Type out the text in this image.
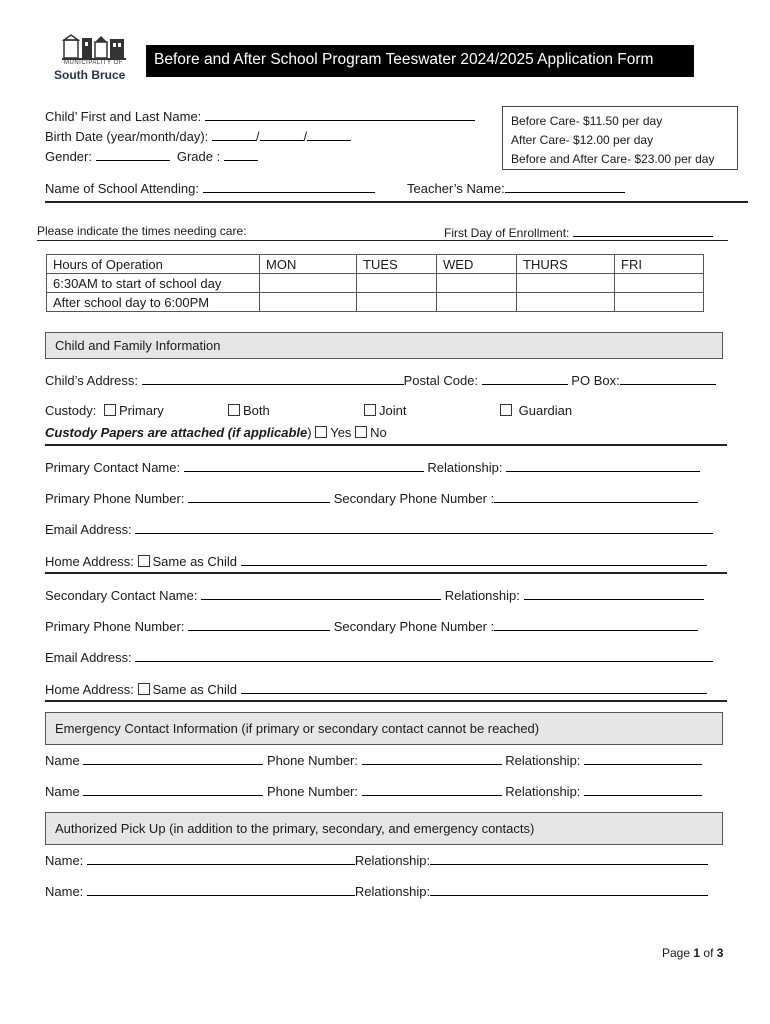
MUNICIPALITY OF
South Bruce
Before and After School Program Teeswater 2024/2025 Application Form
Child’ First and Last Name:
Birth Date (year/month/day):	/	/
Gender:	Grade :
Before Care- $11.50 per day
After Care- $12.00 per day
Before and After Care- $23.00 per day
Name of School Attending:	Teacher’s Name:
Please indicate the times needing care:	First Day of Enrollment:
Hours of Operation	MON	TUES	WED	THURS	FRI
6:30AM to start of school day					
After school day to 6:00PM					
Child and Family Information
Child’s Address:	Postal Code:	PO Box:
Custody:	Primary	Both	Joint	Guardian
Custody Papers are attached (if applicable) Yes No
Primary Contact Name:	Relationship:
Primary Phone Number:	Secondary Phone Number :
Email Address:
Home Address: Same as Child
Secondary Contact Name:	Relationship:
Primary Phone Number:	Secondary Phone Number :
Email Address:
Home Address: Same as Child
Emergency Contact Information (if primary or secondary contact cannot be reached)
Name	Phone Number:	Relationship:
Name	Phone Number:	Relationship:
Authorized Pick Up (in addition to the primary, secondary, and emergency contacts)
Name:	Relationship:
Name:	Relationship:
Page 1 of 3
